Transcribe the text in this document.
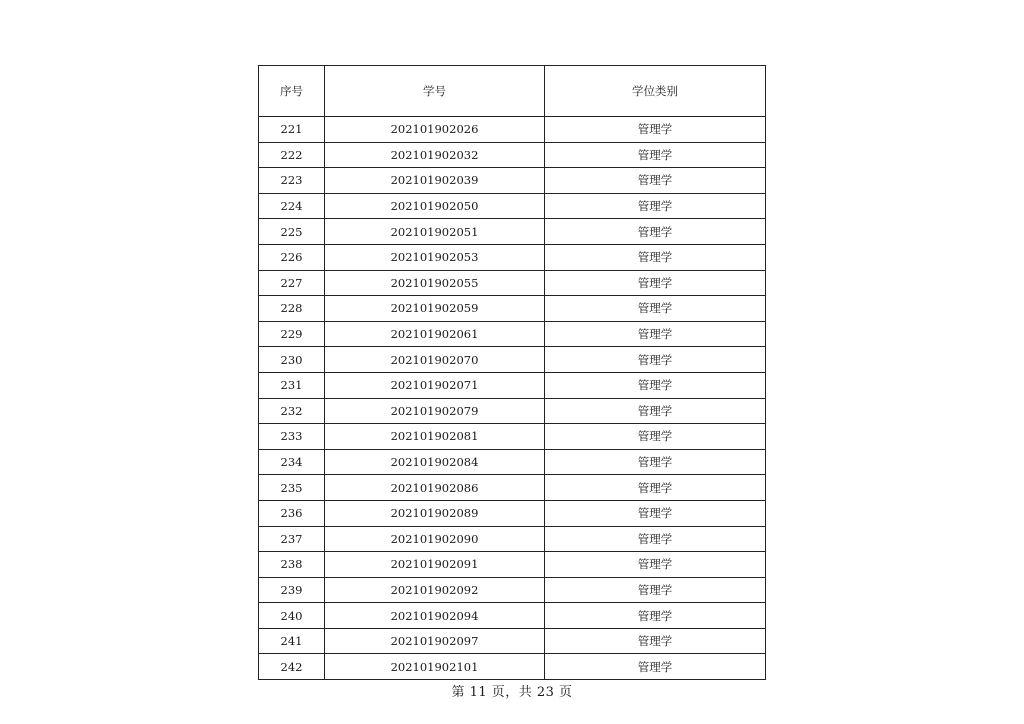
序号	学号	学位类别
221	202101902026	管理学
222	202101902032	管理学
223	202101902039	管理学
224	202101902050	管理学
225	202101902051	管理学
226	202101902053	管理学
227	202101902055	管理学
228	202101902059	管理学
229	202101902061	管理学
230	202101902070	管理学
231	202101902071	管理学
232	202101902079	管理学
233	202101902081	管理学
234	202101902084	管理学
235	202101902086	管理学
236	202101902089	管理学
237	202101902090	管理学
238	202101902091	管理学
239	202101902092	管理学
240	202101902094	管理学
241	202101902097	管理学
242	202101902101	管理学
第 11 页，共 23 页
